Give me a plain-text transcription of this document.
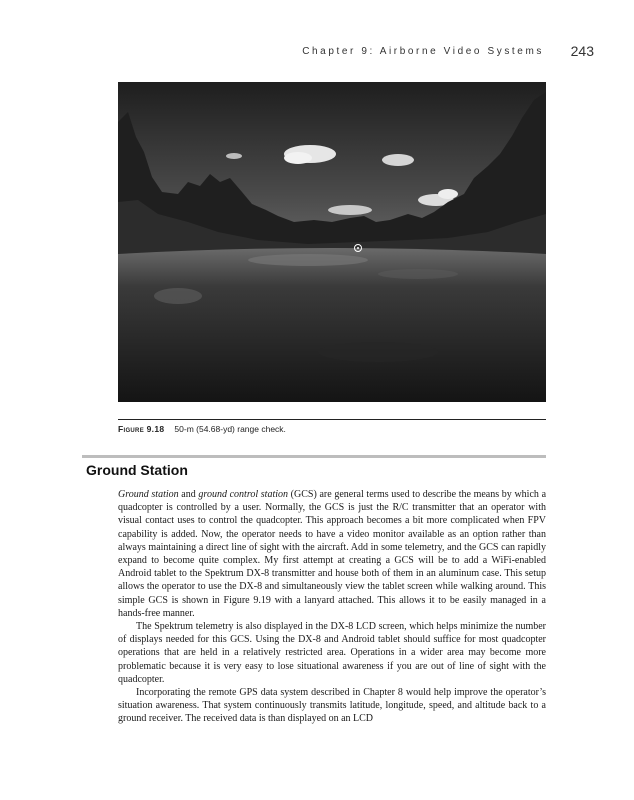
Chapter 9: Airborne Video Systems 243
Figure 9.18 50-m (54.68-yd) range check.
Ground Station

Ground station and ground control station (GCS) are general terms used to describe the means by which a quadcopter is controlled by a user. Normally, the GCS is just the R/C transmitter that an operator with visual contact uses to control the quadcopter. This approach becomes a bit more complicated when FPV capability is added. Now, the operator needs to have a video monitor available as an option rather than always maintaining a direct line of sight with the aircraft. Add in some telemetry, and the GCS can rapidly expand to become quite complex. My first attempt at creating a GCS will be to add a WiFi-enabled Android tablet to the Spektrum DX-8 transmitter and house both of them in an aluminum case. This setup allows the operator to use the DX-8 and simultaneously view the tablet screen while walking around. This simple GCS is shown in Figure 9.19 with a lanyard attached. This allows it to be easily managed in a hands-free manner.

The Spektrum telemetry is also displayed in the DX-8 LCD screen, which helps minimize the number of displays needed for this GCS. Using the DX-8 and Android tablet should suffice for most quadcopter operations that are held in a relatively restricted area. Operations in a wider area may become more problematic because it is very easy to lose situational awareness if you are out of line of sight with the quadcopter.

Incorporating the remote GPS data system described in Chapter 8 would help improve the operator’s situation awareness. That system continuously transmits latitude, longitude, speed, and altitude back to a ground receiver. The received data is than displayed on an LCD
